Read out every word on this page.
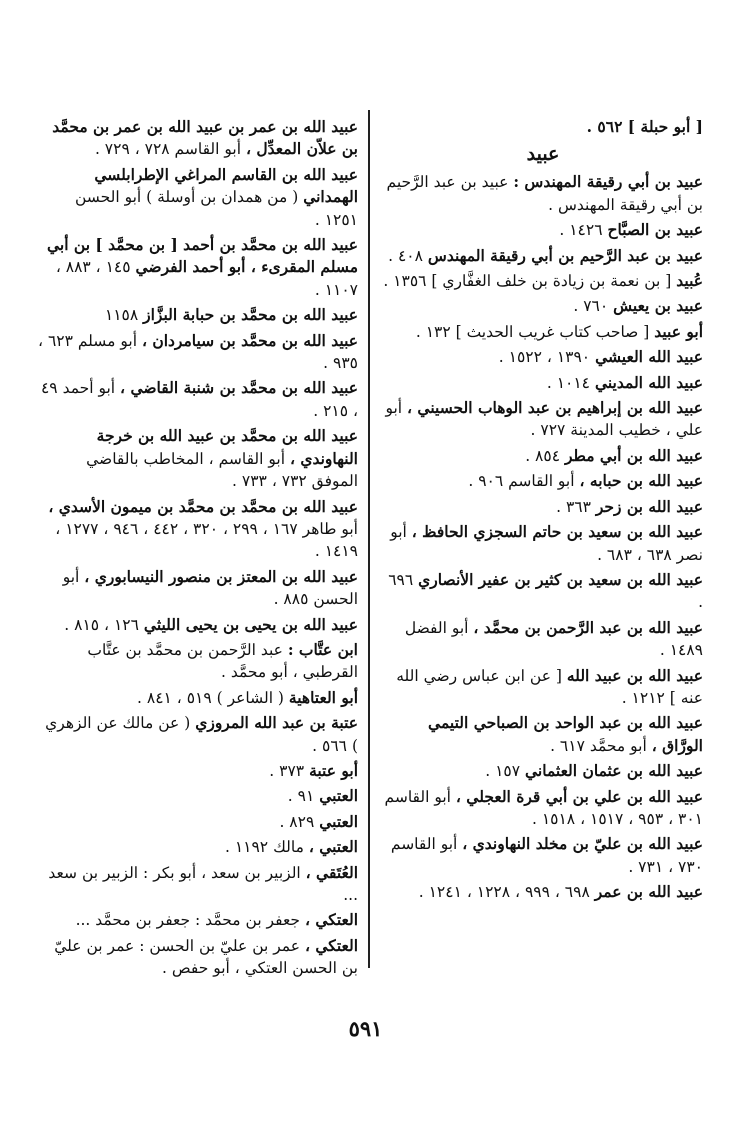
[ أبو حبلة ] ٥٦٢ .
عبيد
عبيد بن أبي رقيقة المهندس : عبيد بن عبد الرَّحيم بن أبي رقيقة المهندس .
عبيد بن الصبَّاح ١٤٢٦ .
عبيد بن عبد الرَّحيم بن أبي رقيقة المهندس ٤٠٨ .
عُبيد [ بن نعمة بن زيادة بن خلف الغفَّاري ] ١٣٥٦ .
عبيد بن يعيش ٧٦٠ .
أبو عبيد [ صاحب كتاب غريب الحديث ] ١٣٢ .
عبيد الله العيشي ١٣٩٠ ، ١٥٢٢ .
عبيد الله المديني ١٠١٤ .
عبيد الله بن إبراهيم بن عبد الوهاب الحسيني ، أبو علي ، خطيب المدينة ٧٢٧ .
عبيد الله بن أبي مطر ٨٥٤ .
عبيد الله بن حبابه ، أبو القاسم ٩٠٦ .
عبيد الله بن زحر ٣٦٣ .
عبيد الله بن سعيد بن حاتم السجزي الحافظ ، أبو نصر ٦٣٨ ، ٦٨٣ .
عبيد الله بن سعيد بن كثير بن عفير الأنصاري ٦٩٦ .
عبيد الله بن عبد الرَّحمن بن محمَّد ، أبو الفضل ١٤٨٩ .
عبيد الله بن عبيد الله [ عن ابن عباس رضي الله عنه ] ١٢١٢ .
عبيد الله بن عبد الواحد بن الصباحي التيمي الورَّاق ، أبو محمَّد ٦١٧ .
عبيد الله بن عثمان العثماني ١٥٧ .
عبيد الله بن علي بن أبي قرة العجلي ، أبو القاسم ٣٠١ ، ٩٥٣ ، ١٥١٧ ، ١٥١٨ .
عبيد الله بن عليّ بن مخلد النهاوندي ، أبو القاسم ٧٣٠ ، ٧٣١ .
عبيد الله بن عمر ٦٩٨ ، ٩٩٩ ، ١٢٢٨ ، ١٢٤١ .
عبيد الله بن عمر بن عبيد الله بن عمر بن محمَّد بن علاّن المعدِّل ، أبو القاسم ٧٢٨ ، ٧٢٩ .
عبيد الله بن القاسم المراغي الإطرابلسي الهمداني ( من همدان بن أوسلة ) أبو الحسن ١٢٥١ .
عبيد الله بن محمَّد بن أحمد [ بن محمَّد ] بن أبي مسلم المقرىء ، أبو أحمد الفرضي ١٤٥ ، ٨٨٣ ، ١١٠٧ .
عبيد الله بن محمَّد بن حبابة البزَّاز ١١٥٨
عبيد الله بن محمَّد بن سيامردان ، أبو مسلم ٦٢٣ ، ٩٣٥ .
عبيد الله بن محمَّد بن شنبة القاضي ، أبو أحمد ٤٩ ، ٢١٥ .
عبيد الله بن محمَّد بن عبيد الله بن خرجة النهاوندي ، أبو القاسم ، المخاطب بالقاضي الموفق ٧٣٢ ، ٧٣٣ .
عبيد الله بن محمَّد بن محمَّد بن ميمون الأسدي ، أبو طاهر ١٦٧ ، ٢٩٩ ، ٣٢٠ ، ٤٤٢ ، ٩٤٦ ، ١٢٧٧ ، ١٤١٩ .
عبيد الله بن المعتز بن منصور النيسابوري ، أبو الحسن ٨٨٥ .
عبيد الله بن يحيى بن يحيى الليثي ١٢٦ ، ٨١٥ .
ابن عتَّاب : عبد الرَّحمن بن محمَّد بن عتَّاب القرطبي ، أبو محمَّد .
أبو العتاهية ( الشاعر ) ٥١٩ ، ٨٤١ .
عتبة بن عبد الله المروزي ( عن مالك عن الزهري ) ٥٦٦ .
أبو عتبة ٣٧٣ .
العتبي ٩١ .
العتبي ٨٢٩ .
العتبي ، مالك ١١٩٢ .
العُتَقي ، الزبير بن سعد ، أبو بكر : الزبير بن سعد ...
العتكي ، جعفر بن محمَّد : جعفر بن محمَّد ...
العتكي ، عمر بن عليّ بن الحسن : عمر بن عليّ بن الحسن العتكي ، أبو حفص .
٥٩١
